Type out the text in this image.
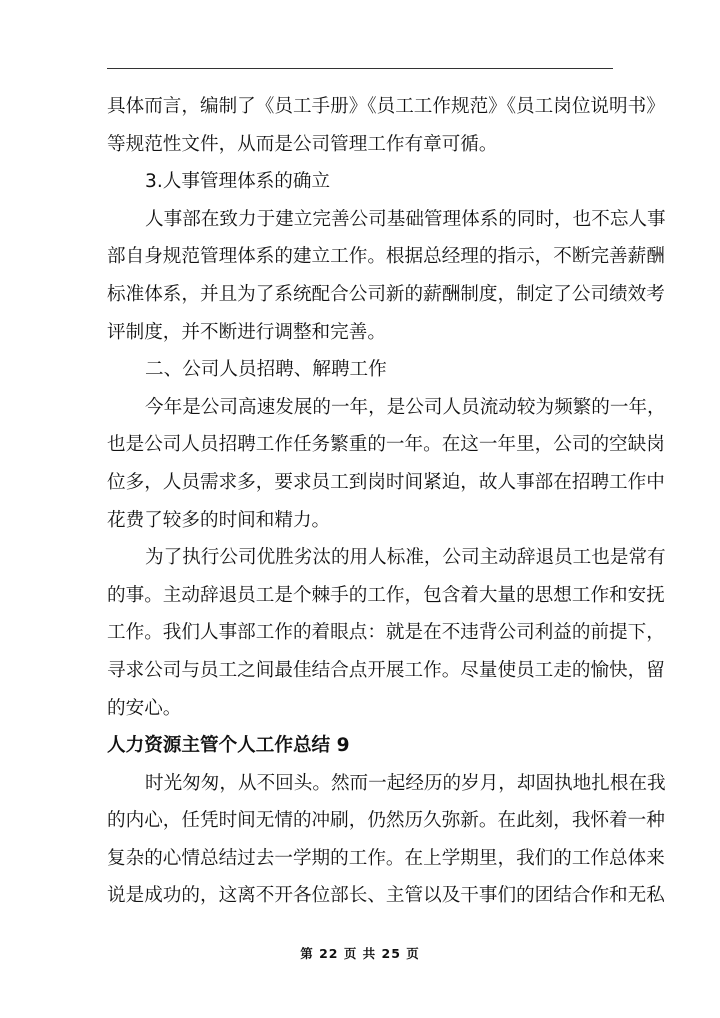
具体而言，编制了《员工手册》《员工工作规范》《员工岗位说明书》
等规范性文件，从而是公司管理工作有章可循。
3.人事管理体系的确立
人事部在致力于建立完善公司基础管理体系的同时，也不忘人事
部自身规范管理体系的建立工作。根据总经理的指示，不断完善薪酬
标准体系，并且为了系统配合公司新的薪酬制度，制定了公司绩效考
评制度，并不断进行调整和完善。
二、公司人员招聘、解聘工作
今年是公司高速发展的一年，是公司人员流动较为频繁的一年，
也是公司人员招聘工作任务繁重的一年。在这一年里，公司的空缺岗
位多，人员需求多，要求员工到岗时间紧迫，故人事部在招聘工作中
花费了较多的时间和精力。
为了执行公司优胜劣汰的用人标准，公司主动辞退员工也是常有
的事。主动辞退员工是个棘手的工作，包含着大量的思想工作和安抚
工作。我们人事部工作的着眼点：就是在不违背公司利益的前提下，
寻求公司与员工之间最佳结合点开展工作。尽量使员工走的愉快，留
的安心。
人力资源主管个人工作总结 9
时光匆匆，从不回头。然而一起经历的岁月，却固执地扎根在我
的内心，任凭时间无情的冲刷，仍然历久弥新。在此刻，我怀着一种
复杂的心情总结过去一学期的工作。在上学期里，我们的工作总体来
说是成功的，这离不开各位部长、主管以及干事们的团结合作和无私
第 22 页 共 25 页
